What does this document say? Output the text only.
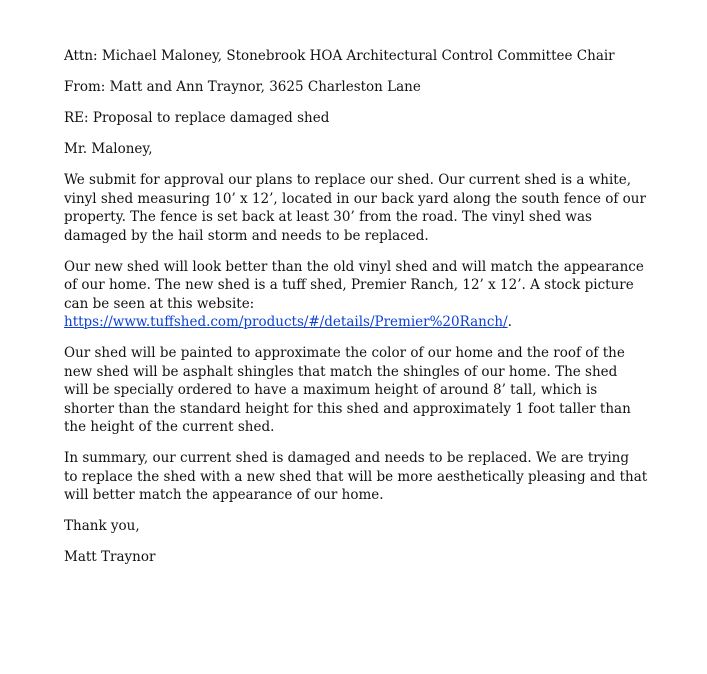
Attn: Michael Maloney, Stonebrook HOA Architectural Control Committee Chair

From: Matt and Ann Traynor, 3625 Charleston Lane

RE: Proposal to replace damaged shed

Mr. Maloney,

We submit for approval our plans to replace our shed. Our current shed is a white,

vinyl shed measuring 10’ x 12’, located in our back yard along the south fence of our

property. The fence is set back at least 30’ from the road. The vinyl shed was

damaged by the hail storm and needs to be replaced.

Our new shed will look better than the old vinyl shed and will match the appearance

of our home. The new shed is a tuff shed, Premier Ranch, 12’ x 12’. A stock picture

can be seen at this website:

https://www.tuffshed.com/products/#/details/Premier%20Ranch/.

Our shed will be painted to approximate the color of our home and the roof of the

new shed will be asphalt shingles that match the shingles of our home. The shed

will be specially ordered to have a maximum height of around 8’ tall, which is

shorter than the standard height for this shed and approximately 1 foot taller than

the height of the current shed.

In summary, our current shed is damaged and needs to be replaced. We are trying

to replace the shed with a new shed that will be more aesthetically pleasing and that

will better match the appearance of our home.

Thank you,

Matt Traynor
